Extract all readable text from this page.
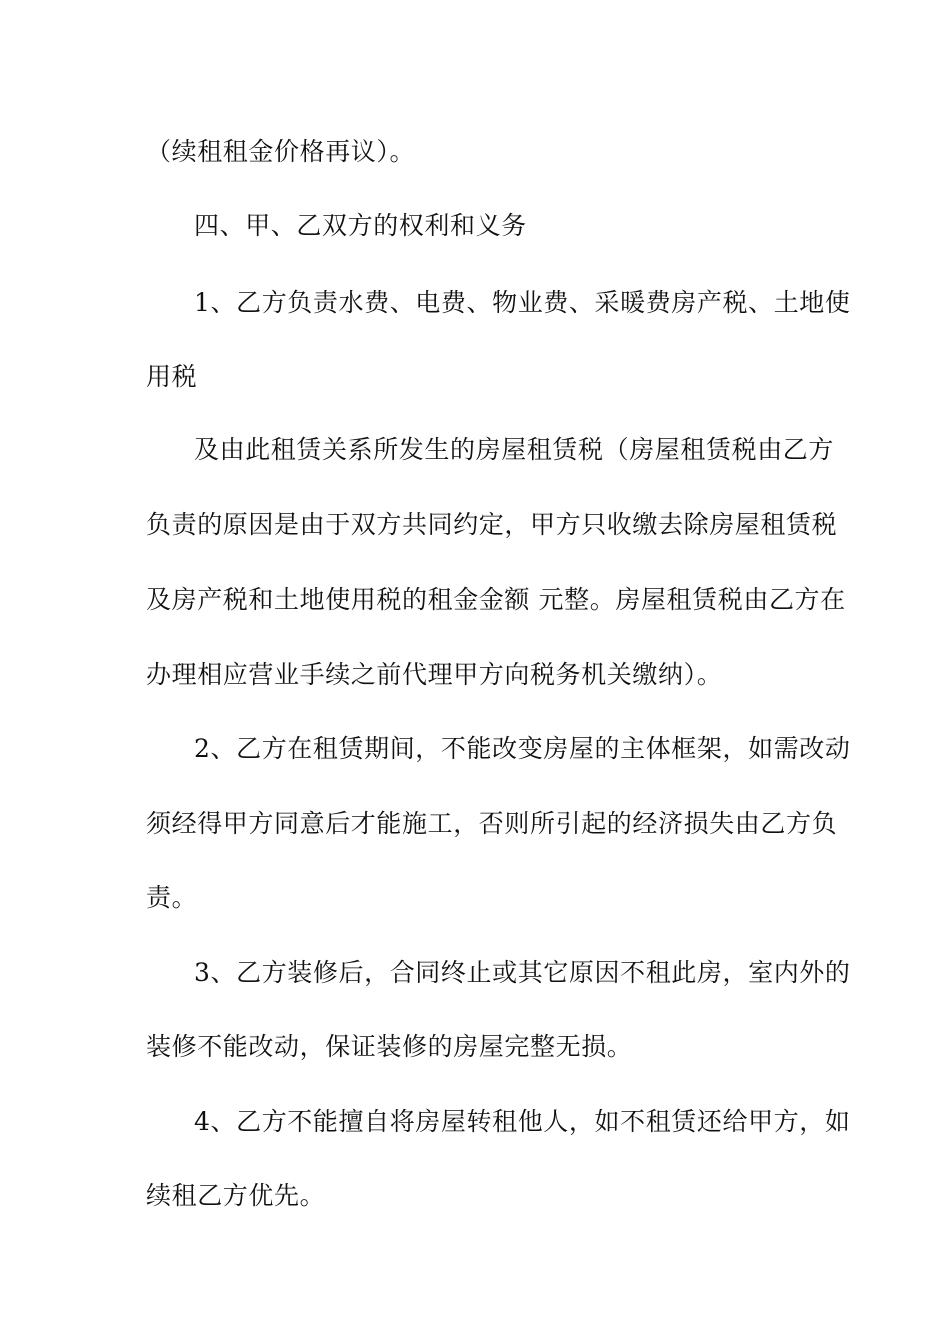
（续租租金价格再议）。
四、甲、乙双方的权利和义务
1、乙方负责水费、电费、物业费、采暖费房产税、土地使
用税
及由此租赁关系所发生的房屋租赁税（房屋租赁税由乙方
负责的原因是由于双方共同约定，甲方只收缴去除房屋租赁税
及房产税和土地使用税的租金金额 元整。房屋租赁税由乙方在
办理相应营业手续之前代理甲方向税务机关缴纳）。
2、乙方在租赁期间，不能改变房屋的主体框架，如需改动
须经得甲方同意后才能施工，否则所引起的经济损失由乙方负
责。
3、乙方装修后，合同终止或其它原因不租此房，室内外的
装修不能改动，保证装修的房屋完整无损。
4、乙方不能擅自将房屋转租他人，如不租赁还给甲方，如
续租乙方优先。
